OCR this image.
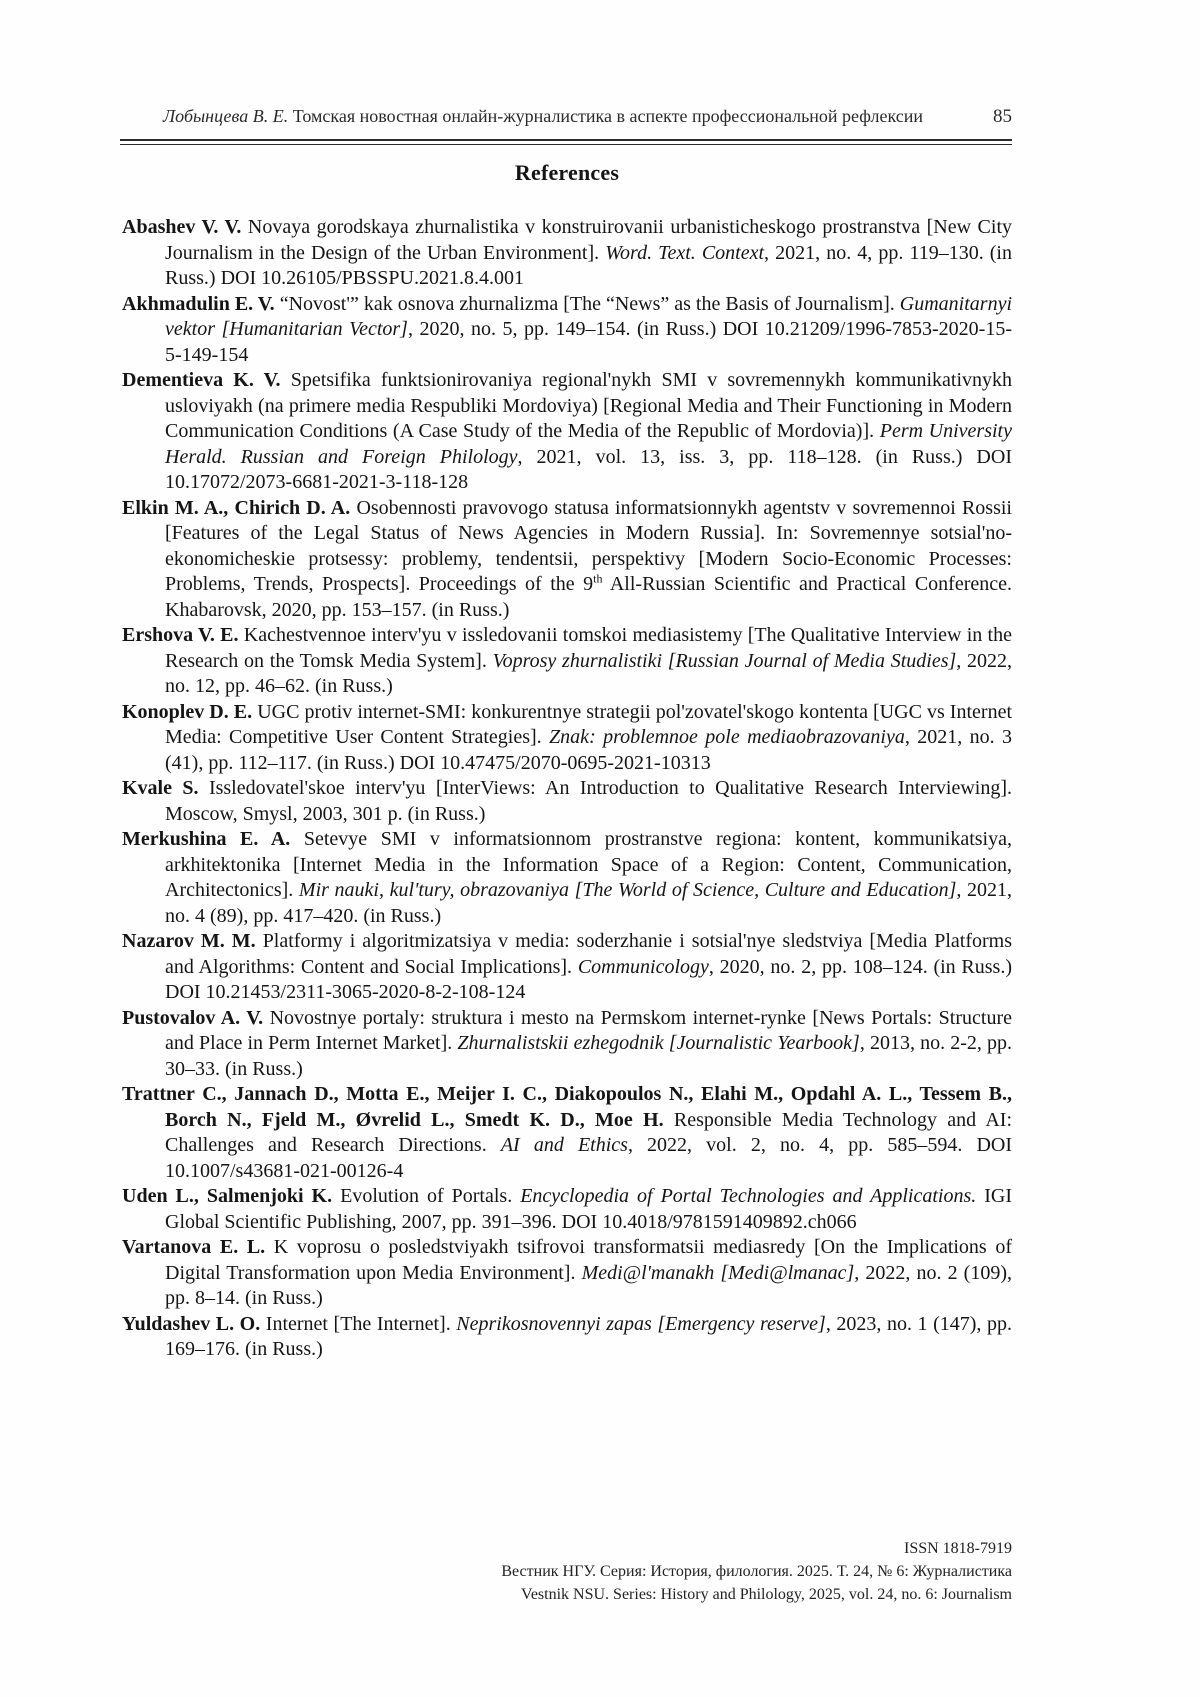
Лобынцева В. Е. Томская новостная онлайн-журналистика в аспекте профессиональной рефлексии	85
References

Abashev V. V. Novaya gorodskaya zhurnalistika v konstruirovanii urbanisticheskogo prostranstva [New City Journalism in the Design of the Urban Environment]. Word. Text. Context, 2021, no. 4, pp. 119–130. (in Russ.) DOI 10.26105/PBSSPU.2021.8.4.001

Akhmadulin E. V. “Novost'” kak osnova zhurnalizma [The “News” as the Basis of Journalism]. Gumanitarnyi vektor [Humanitarian Vector], 2020, no. 5, pp. 149–154. (in Russ.) DOI 10.21209/1996-7853-2020-15-5-149-154

Dementieva K. V. Spetsifika funktsionirovaniya regional'nykh SMI v sovremennykh kommunikativnykh usloviyakh (na primere media Respubliki Mordoviya) [Regional Media and Their Functioning in Modern Communication Conditions (A Case Study of the Media of the Republic of Mordovia)]. Perm University Herald. Russian and Foreign Philology, 2021, vol. 13, iss. 3, pp. 118–128. (in Russ.) DOI 10.17072/2073-6681-2021-3-118-128

Elkin M. A., Chirich D. A. Osobennosti pravovogo statusa informatsionnykh agentstv v sovremennoi Rossii [Features of the Legal Status of News Agencies in Modern Russia]. In: Sovremennye sotsial'no-ekonomicheskie protsessy: problemy, tendentsii, perspektivy [Modern Socio-Economic Processes: Problems, Trends, Prospects]. Proceedings of the 9th All-Russian Scientific and Practical Conference. Khabarovsk, 2020, pp. 153–157. (in Russ.)

Ershova V. E. Kachestvennoe interv'yu v issledovanii tomskoi mediasistemy [The Qualitative Interview in the Research on the Tomsk Media System]. Voprosy zhurnalistiki [Russian Journal of Media Studies], 2022, no. 12, pp. 46–62. (in Russ.)

Konoplev D. E. UGC protiv internet-SMI: konkurentnye strategii pol'zovatel'skogo kontenta [UGC vs Internet Media: Competitive User Content Strategies]. Znak: problemnoe pole mediaobrazovaniya, 2021, no. 3 (41), pp. 112–117. (in Russ.) DOI 10.47475/2070-0695-2021-10313

Kvale S. Issledovatel'skoe interv'yu [InterViews: An Introduction to Qualitative Research Interviewing]. Moscow, Smysl, 2003, 301 p. (in Russ.)

Merkushina E. A. Setevye SMI v informatsionnom prostranstve regiona: kontent, kommunikatsiya, arkhitektonika [Internet Media in the Information Space of a Region: Content, Communication, Architectonics]. Mir nauki, kul'tury, obrazovaniya [The World of Science, Culture and Education], 2021, no. 4 (89), pp. 417–420. (in Russ.)

Nazarov M. M. Platformy i algoritmizatsiya v media: soderzhanie i sotsial'nye sledstviya [Media Platforms and Algorithms: Content and Social Implications]. Communicology, 2020, no. 2, pp. 108–124. (in Russ.) DOI 10.21453/2311-3065-2020-8-2-108-124

Pustovalov A. V. Novostnye portaly: struktura i mesto na Permskom internet-rynke [News Portals: Structure and Place in Perm Internet Market]. Zhurnalistskii ezhegodnik [Journalistic Yearbook], 2013, no. 2-2, pp. 30–33. (in Russ.)

Trattner C., Jannach D., Motta E., Meijer I. C., Diakopoulos N., Elahi M., Opdahl A. L., Tessem B., Borch N., Fjeld M., Øvrelid L., Smedt K. D., Moe H. Responsible Media Technology and AI: Challenges and Research Directions. AI and Ethics, 2022, vol. 2, no. 4, pp. 585–594. DOI 10.1007/s43681-021-00126-4

Uden L., Salmenjoki K. Evolution of Portals. Encyclopedia of Portal Technologies and Applications. IGI Global Scientific Publishing, 2007, pp. 391–396. DOI 10.4018/9781591409892.ch066

Vartanova E. L. K voprosu o posledstviyakh tsifrovoi transformatsii mediasredy [On the Implications of Digital Transformation upon Media Environment]. Medi@l'manakh [Medi@lmanac], 2022, no. 2 (109), pp. 8–14. (in Russ.)

Yuldashev L. O. Internet [The Internet]. Neprikosnovennyi zapas [Emergency reserve], 2023, no. 1 (147), pp. 169–176. (in Russ.)

ISSN 1818-7919
Вестник НГУ. Серия: История, филология. 2025. Т. 24, № 6: Журналистика
Vestnik NSU. Series: History and Philology, 2025, vol. 24, no. 6: Journalism
